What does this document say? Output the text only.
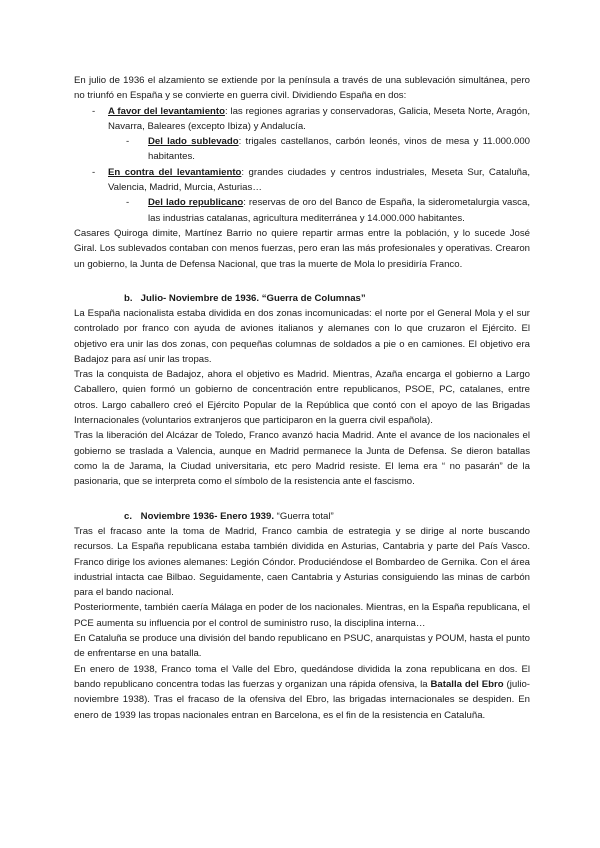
En julio de 1936 el alzamiento se extiende por la península a través de una sublevación simultánea, pero no triunfó en España y se convierte en guerra civil. Dividiendo España en dos:

- A favor del levantamiento: las regiones agrarias y conservadoras, Galicia, Meseta Norte, Aragón, Navarra, Baleares (excepto Ibiza) y Andalucía.
- Del lado sublevado: trigales castellanos, carbón leonés, vinos de mesa y 11.000.000 habitantes.
- En contra del levantamiento: grandes ciudades y centros industriales, Meseta Sur, Cataluña, Valencia, Madrid, Murcia, Asturias…
- Del lado republicano: reservas de oro del Banco de España, la siderometalurgia vasca, las industrias catalanas, agricultura mediterránea y 14.000.000 habitantes.

Casares Quiroga dimite, Martínez Barrio no quiere repartir armas entre la población, y lo sucede José Giral. Los sublevados contaban con menos fuerzas, pero eran las más profesionales y operativas. Crearon un gobierno, la Junta de Defensa Nacional, que tras la muerte de Mola lo presidiría Franco.

b. Julio- Noviembre de 1936. “Guerra de Columnas”

La España nacionalista estaba dividida en dos zonas incomunicadas: el norte por el General Mola y el sur controlado por franco con ayuda de aviones italianos y alemanes con lo que cruzaron el Ejército. El objetivo era unir las dos zonas, con pequeñas columnas de soldados a pie o en camiones. El objetivo era Badajoz para así unir las tropas.

Tras la conquista de Badajoz, ahora el objetivo es Madrid. Mientras, Azaña encarga el gobierno a Largo Caballero, quien formó un gobierno de concentración entre republicanos, PSOE, PC, catalanes, entre otros. Largo caballero creó el Ejército Popular de la República que contó con el apoyo de las Brigadas Internacionales (voluntarios extranjeros que participaron en la guerra civil española).

Tras la liberación del Alcázar de Toledo, Franco avanzó hacia Madrid. Ante el avance de los nacionales el gobierno se traslada a Valencia, aunque en Madrid permanece la Junta de Defensa. Se dieron batallas como la de Jarama, la Ciudad universitaria, etc pero Madrid resiste. El lema era “ no pasarán” de la pasionaria, que se interpreta como el símbolo de la resistencia ante el fascismo.

c. Noviembre 1936- Enero 1939. “Guerra total”

Tras el fracaso ante la toma de Madrid, Franco cambia de estrategia y se dirige al norte buscando recursos. La España republicana estaba también dividida en Asturias, Cantabria y parte del País Vasco. Franco dirige los aviones alemanes: Legión Cóndor. Produciéndose el Bombardeo de Gernika. Con el área industrial intacta cae Bilbao. Seguidamente, caen Cantabria y Asturias consiguiendo las minas de carbón para el bando nacional.

Posteriormente, también caería Málaga en poder de los nacionales. Mientras, en la España republicana, el PCE aumenta su influencia por el control de suministro ruso, la disciplina interna…

En Cataluña se produce una división del bando republicano en PSUC, anarquistas y POUM, hasta el punto de enfrentarse en una batalla.

En enero de 1938, Franco toma el Valle del Ebro, quedándose dividida la zona republicana en dos. El bando republicano concentra todas las fuerzas y organizan una rápida ofensiva, la Batalla del Ebro (julio-noviembre 1938). Tras el fracaso de la ofensiva del Ebro, las brigadas internacionales se despiden. En enero de 1939 las tropas nacionales entran en Barcelona, es el fin de la resistencia en Cataluña.
